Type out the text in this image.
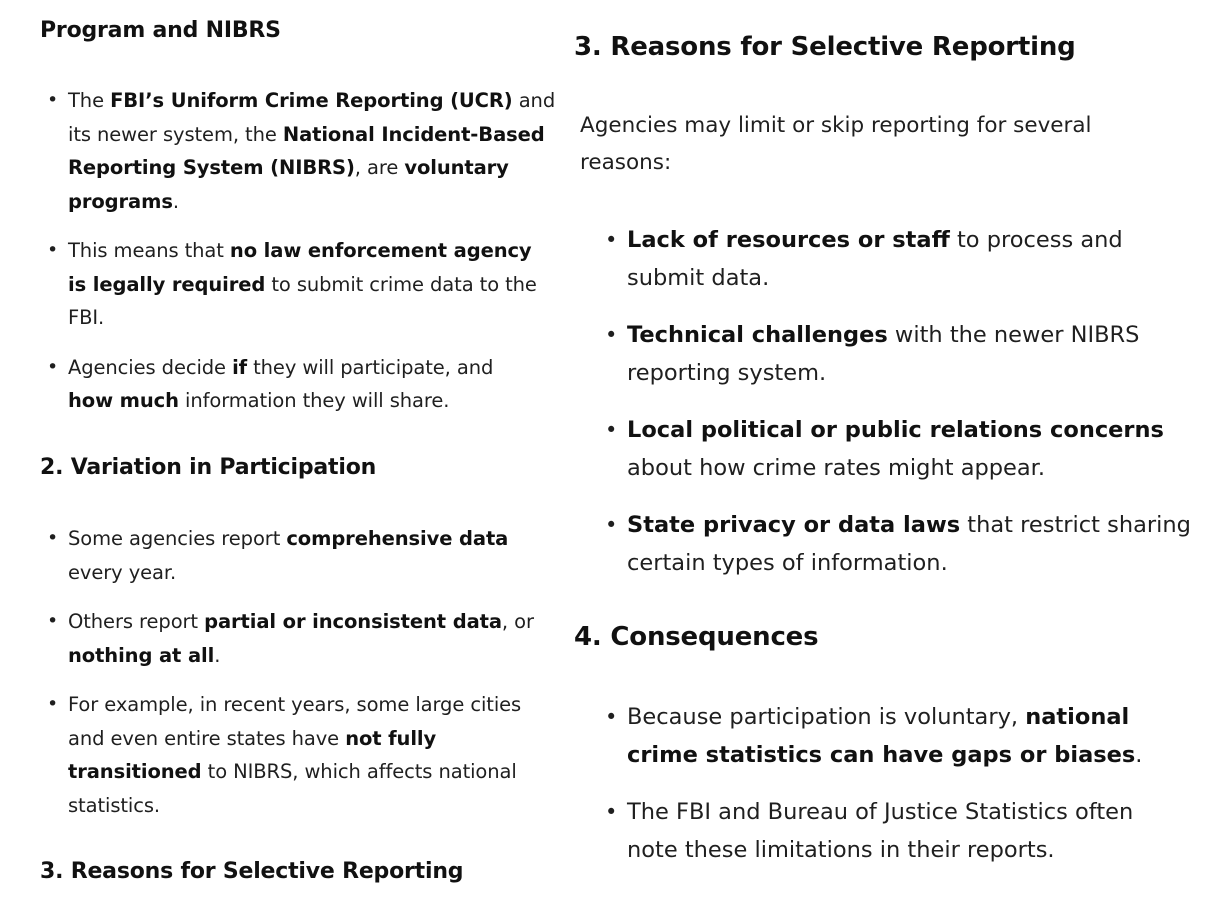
Program and NIBRS
• The FBI’s Uniform Crime Reporting (UCR) and
its newer system, the National Incident-Based
Reporting System (NIBRS), are voluntary
programs.
• This means that no law enforcement agency
is legally required to submit crime data to the
FBI.
• Agencies decide if they will participate, and
how much information they will share.
2. Variation in Participation
• Some agencies report comprehensive data
every year.
• Others report partial or inconsistent data, or
nothing at all.
• For example, in recent years, some large cities
and even entire states have not fully
transitioned to NIBRS, which affects national
statistics.
3. Reasons for Selective Reporting
3. Reasons for Selective Reporting

Agencies may limit or skip reporting for several
reasons:

• Lack of resources or staff to process and
submit data.
• Technical challenges with the newer NIBRS
reporting system.
• Local political or public relations concerns
about how crime rates might appear.
• State privacy or data laws that restrict sharing
certain types of information.
4. Consequences
• Because participation is voluntary, national
crime statistics can have gaps or biases.
• The FBI and Bureau of Justice Statistics often
note these limitations in their reports.
